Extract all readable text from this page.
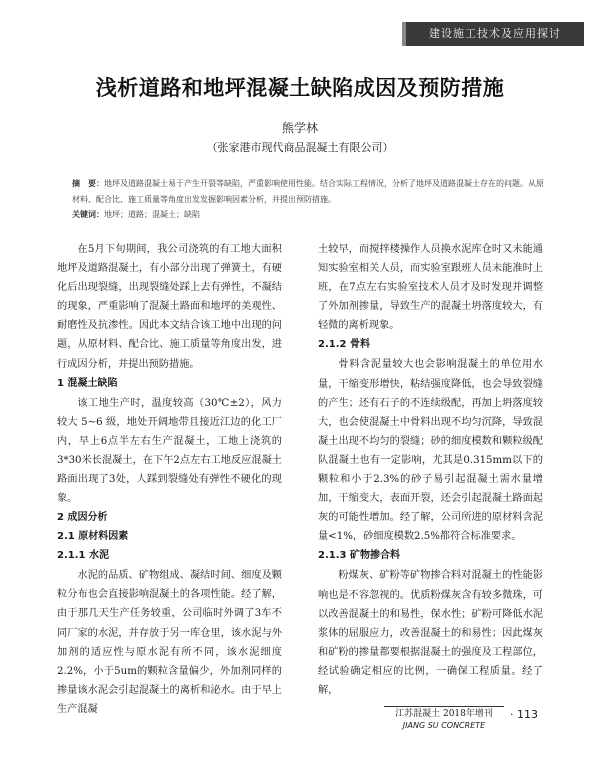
建设施工技术及应用探讨
浅析道路和地坪混凝土缺陷成因及预防措施
熊学林
（张家港市现代商品混凝土有限公司）
摘　要：地坪及道路混凝土易于产生开裂等缺陷，严重影响使用性能。结合实际工程情况，分析了地坪及道路混凝土存在的问题。从原材料、配合比、施工质量等角度出发发掘影响因素分析，并提出预防措施。
关键词：地坪；道路；混凝土；缺陷

在5月下旬期间，我公司浇筑的有工地大面积地坪及道路混凝土，有小部分出现了弹簧土，有硬化后出现裂缝，出现裂缝处踩上去有弹性，不凝结的现象，严重影响了混凝土路面和地坪的美观性、耐磨性及抗渗性。因此本文结合该工地中出现的问题，从原材料、配合比、施工质量等角度出发，进行成因分析，并提出预防措施。

1 混凝土缺陷

该工地生产时，温度较高（30℃±2），风力较大 5~6 级，地处开阔地带且接近江边的化工厂内，早上6点半左右生产混凝土，工地上浇筑的3*30米长混凝土，在下午2点左右工地反应混凝土路面出现了3处，人踩到裂缝处有弹性不硬化的现象。

2 成因分析
2.1 原材料因素
2.1.1 水泥

水泥的品质、矿物组成、凝结时间、细度及颗粒分布也会直接影响混凝土的各项性能。经了解，由于那几天生产任务较重，公司临时外调了3车不同厂家的水泥，并存放于另一库仓里，该水泥与外加剂的适应性与原水泥有所不同，该水泥细度2.2%，小于5um的颗粒含量偏少，外加剂同样的掺量该水泥会引起混凝土的离析和泌水。由于早上生产混凝

土较早，而搅拌楼操作人员换水泥库仓时又未能通知实验室相关人员，而实验室跟班人员未能准时上班，在7点左右实验室技术人员才及时发现并调整了外加剂掺量，导致生产的混凝土坍落度较大，有轻微的离析现象。

2.1.2 骨料

骨料含泥量较大也会影响混凝土的单位用水量，干缩变形增快，粘结强度降低，也会导致裂缝的产生；还有石子的不连续级配，再加上坍落度较大，也会使混凝土中骨料出现不均匀沉降，导致混凝土出现不均匀的裂缝；砂的细度模数和颗粒级配队混凝土也有一定影响，尤其是0.315mm以下的颗粒和小于2.3%的砂子易引起混凝土需水量增加，干缩变大，表面开裂，还会引起混凝土路面起灰的可能性增加。经了解，公司所进的原材料含泥量<1%，砂细度模数2.5%都符合标准要求。

2.1.3 矿物掺合料

粉煤灰、矿粉等矿物掺合料对混凝土的性能影响也是不容忽视的。优质粉煤灰含有较多微珠，可以改善混凝土的和易性，保水性；矿粉可降低水泥浆体的屈服应力，改善混凝土的和易性；因此煤灰和矿粉的掺量都要根据混凝土的强度及工程部位，经试验确定相应的比例，一确保工程质量。经了解，

江苏混凝土 2018年增刊
JIANG SU CONCRETE
· 113
